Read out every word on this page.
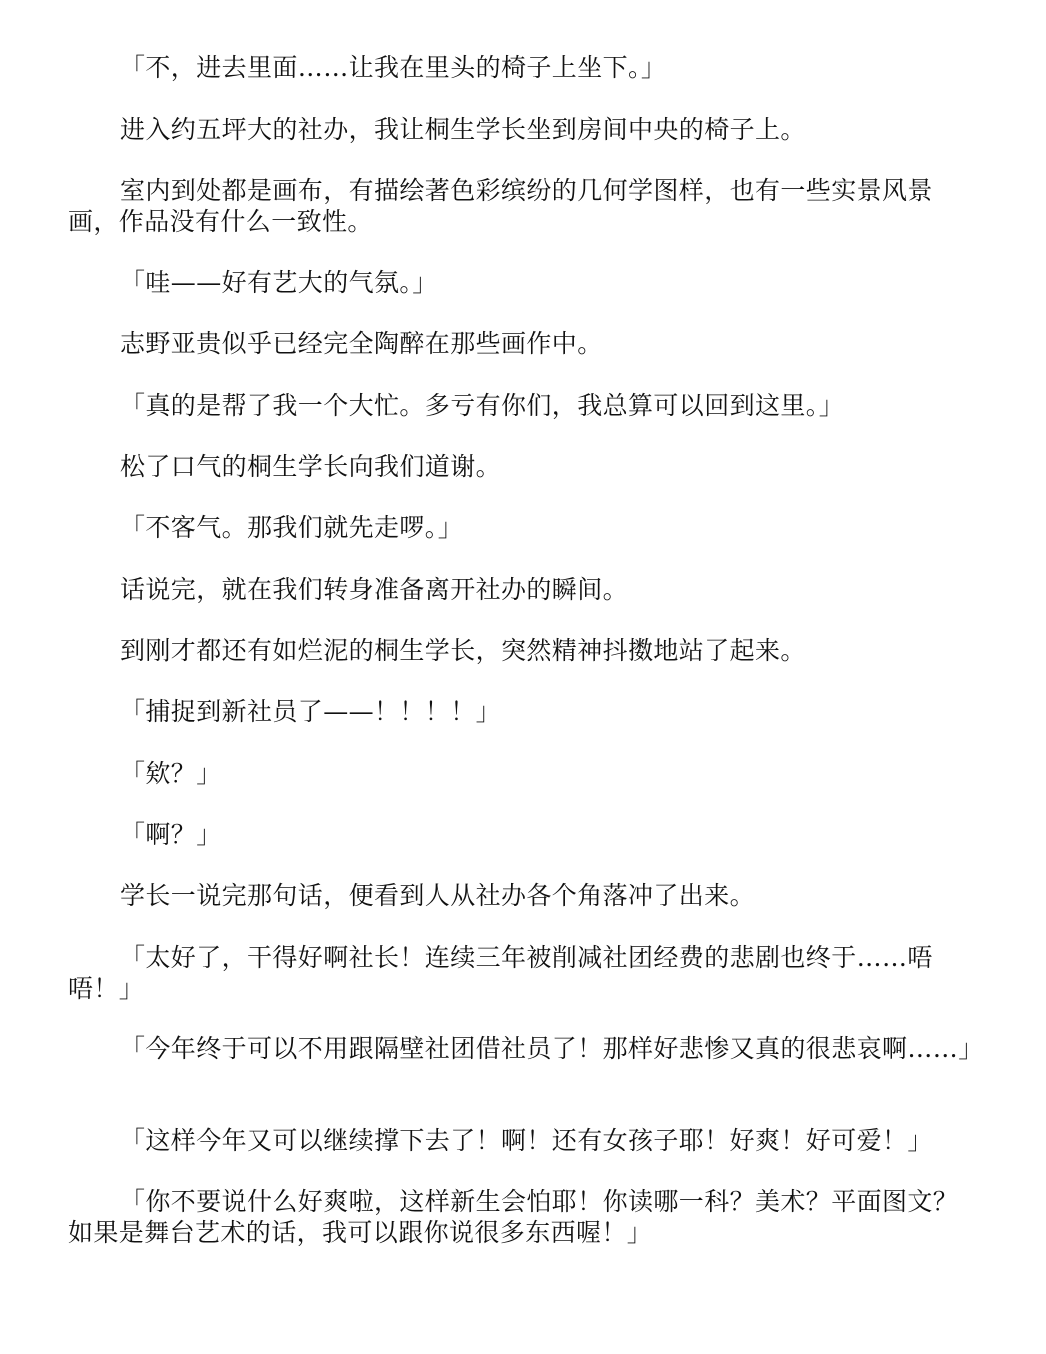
「不，进去里面……让我在里头的椅子上坐下。」

进入约五坪大的社办，我让桐生学长坐到房间中央的椅子上。

室内到处都是画布，有描绘著色彩缤纷的几何学图样，也有一些实景风景画，作品没有什么一致性。

「哇——好有艺大的气氛。」

志野亚贵似乎已经完全陶醉在那些画作中。

「真的是帮了我一个大忙。多亏有你们，我总算可以回到这里。」

松了口气的桐生学长向我们道谢。

「不客气。那我们就先走啰。」

话说完，就在我们转身准备离开社办的瞬间。

到刚才都还有如烂泥的桐生学长，突然精神抖擞地站了起来。

「捕捉到新社员了——！！！！」

「欸？」

「啊？」

学长一说完那句话，便看到人从社办各个角落冲了出来。

「太好了，干得好啊社长！连续三年被削减社团经费的悲剧也终于……唔唔！」

「今年终于可以不用跟隔壁社团借社员了！那样好悲惨又真的很悲哀啊……」

「这样今年又可以继续撑下去了！啊！还有女孩子耶！好爽！好可爱！」

「你不要说什么好爽啦，这样新生会怕耶！你读哪一科？美术？平面图文？如果是舞台艺术的话，我可以跟你说很多东西喔！」
